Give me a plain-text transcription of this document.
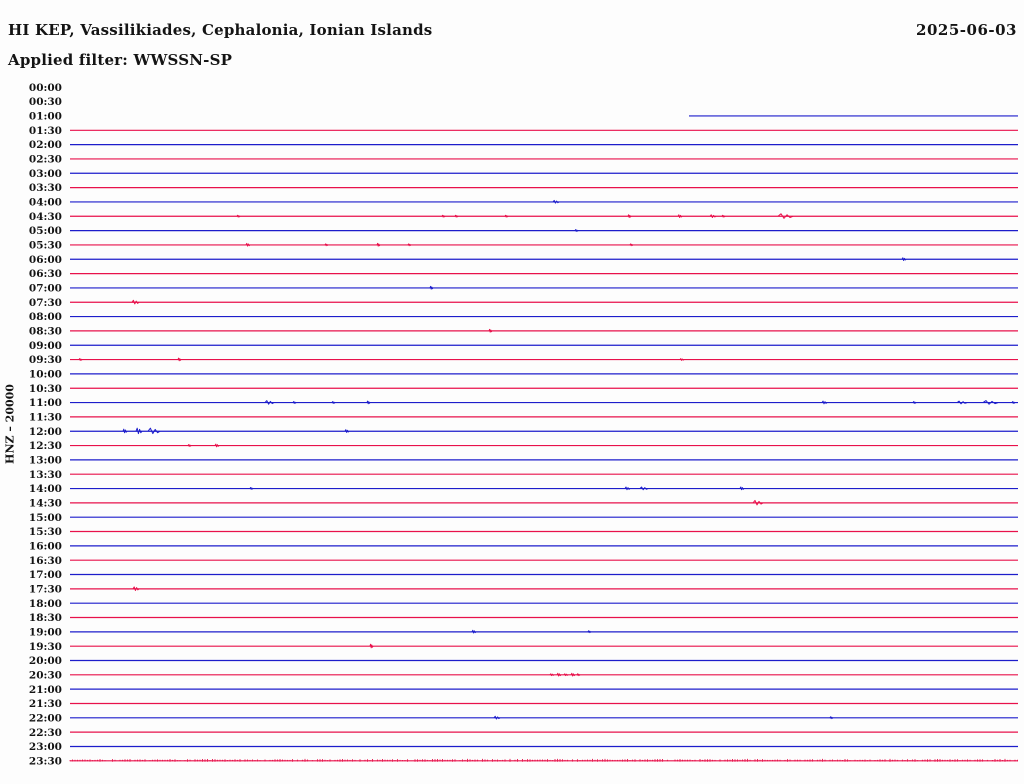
HI KEP, Vassilikiades, Cephalonia, Ionian Islands	2025-06-03
Applied filter: WWSSN-SP
HNZ – 20000
00:00
00:30
01:00
01:30
02:00
02:30
03:00
03:30
04:00
04:30
05:00
05:30
06:00
06:30
07:00
07:30
08:00
08:30
09:00
09:30
10:00
10:30
11:00
11:30
12:00
12:30
13:00
13:30
14:00
14:30
15:00
15:30
16:00
16:30
17:00
17:30
18:00
18:30
19:00
19:30
20:00
20:30
21:00
21:30
22:00
22:30
23:00
23:30
